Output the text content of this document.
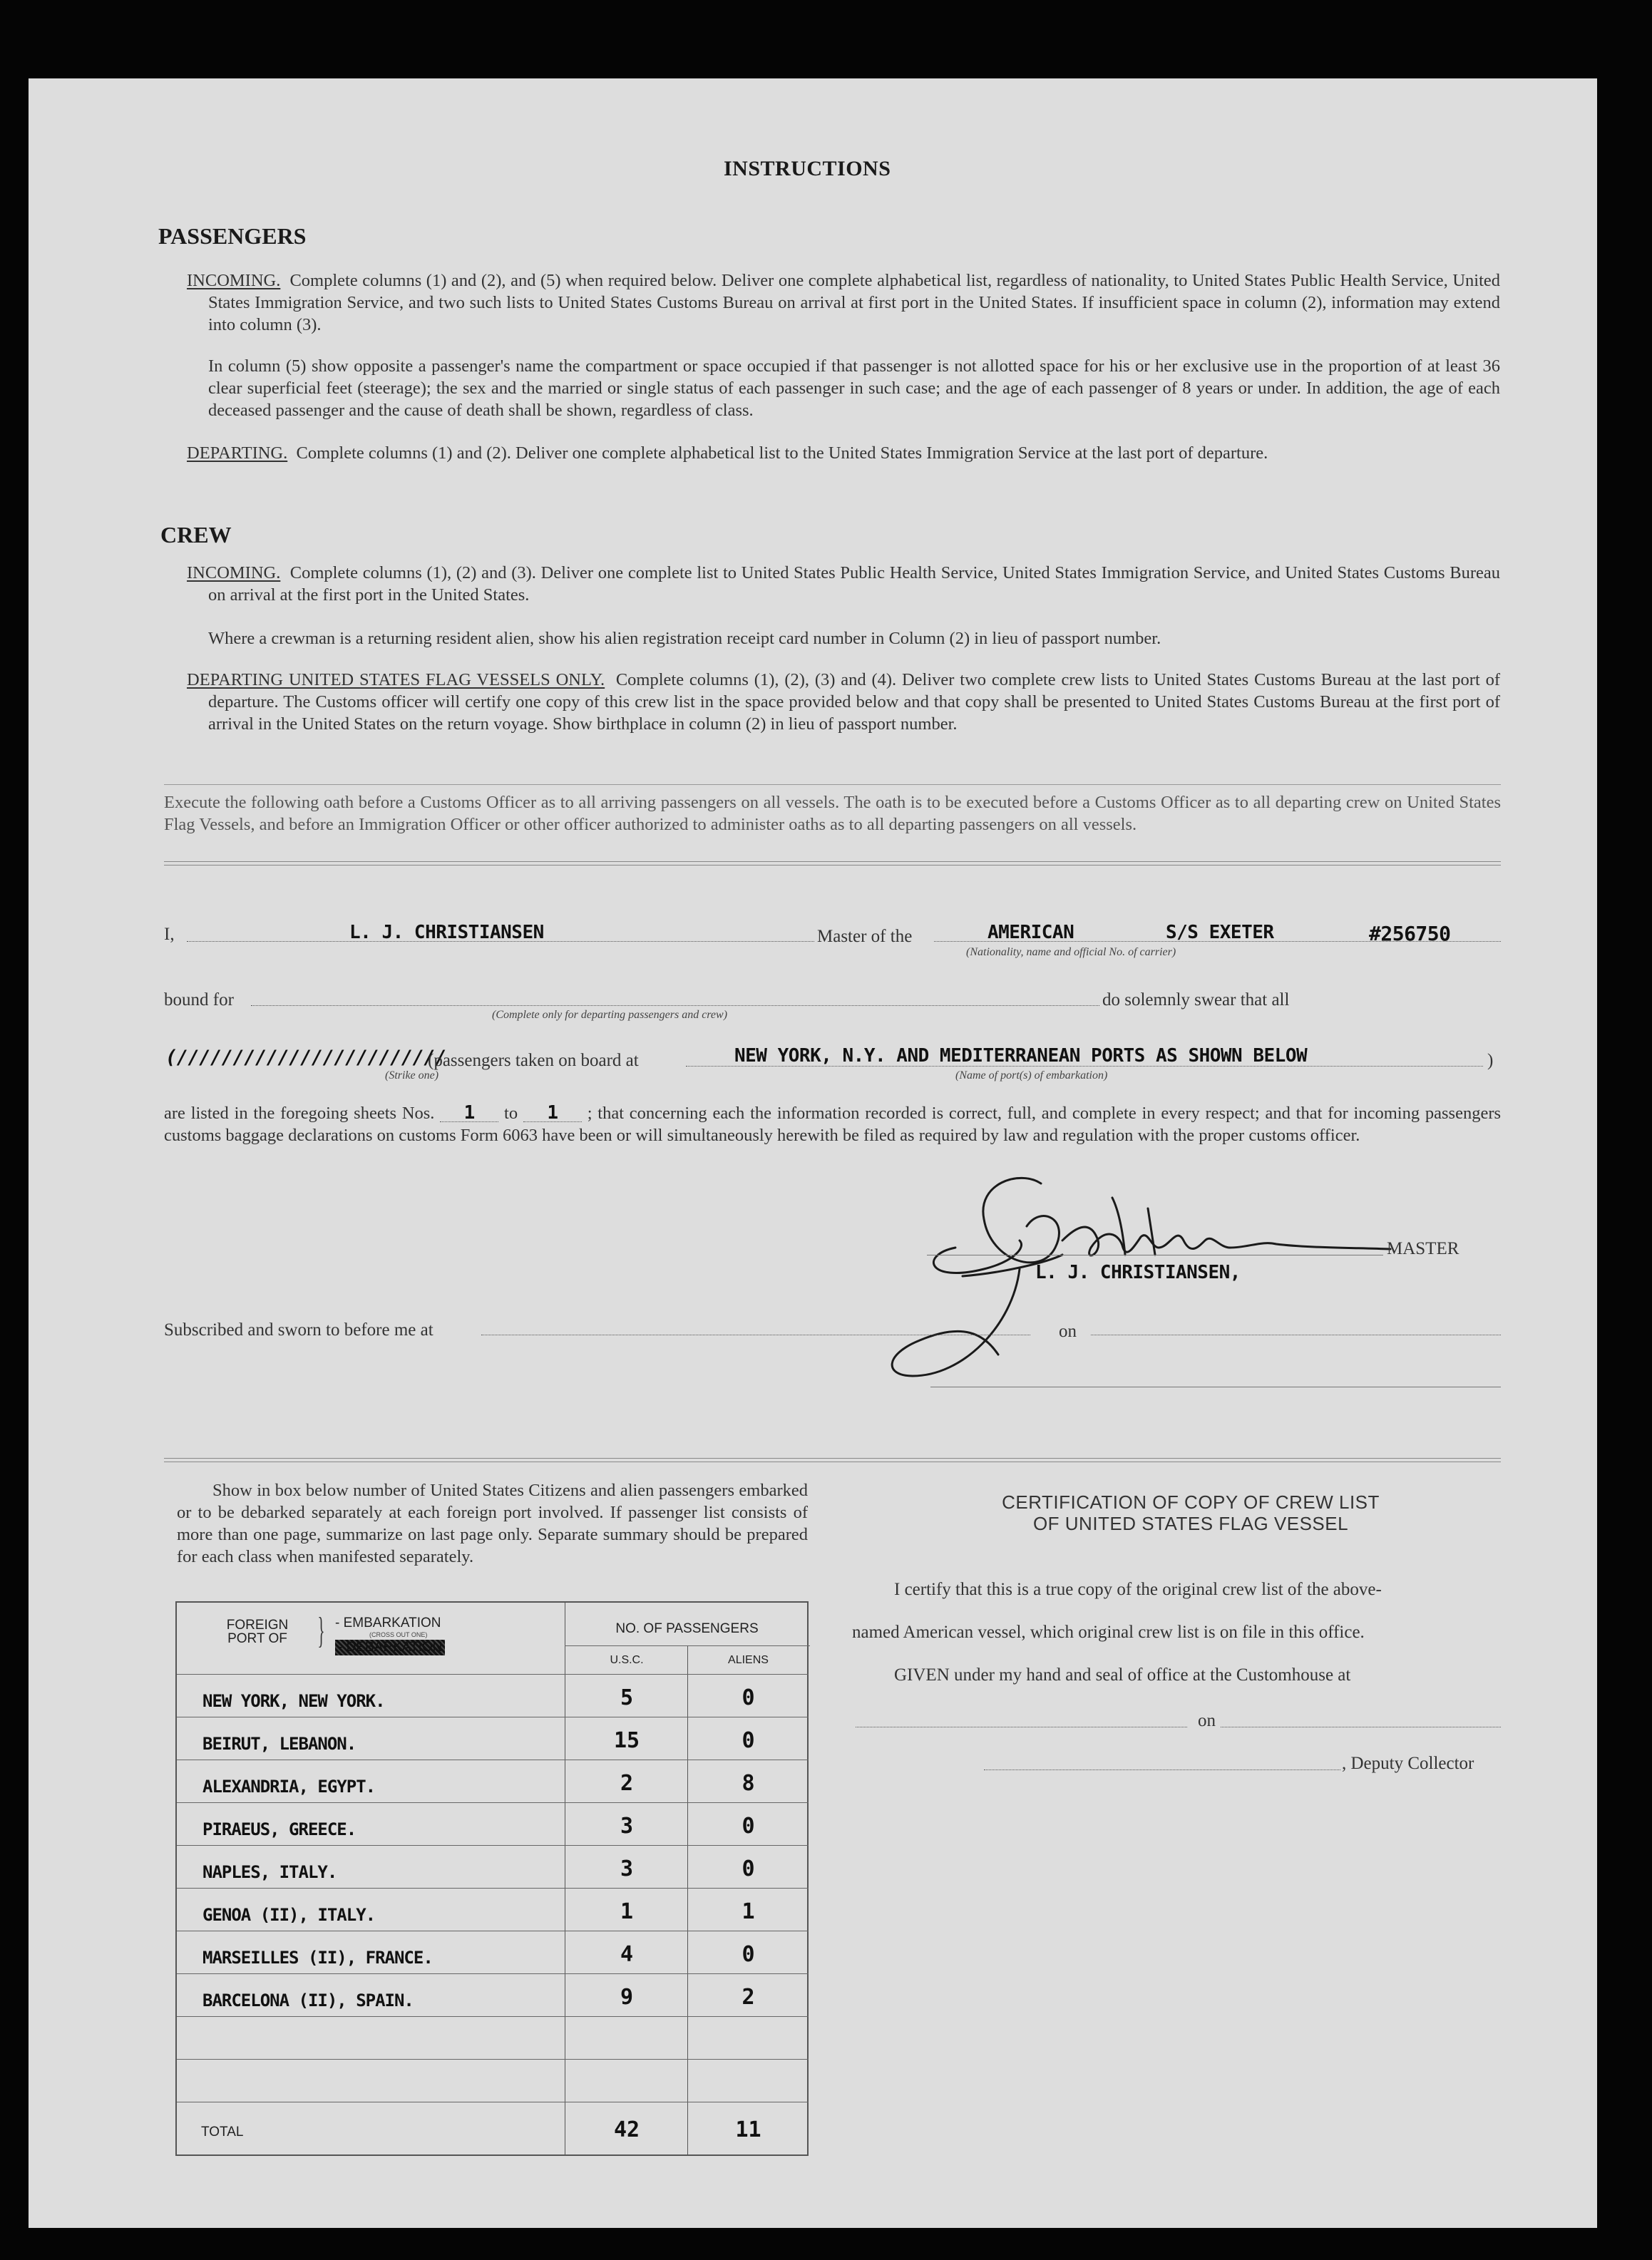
INSTRUCTIONS
PASSENGERS
INCOMING. Complete columns (1) and (2), and (5) when required below. Deliver one complete alphabetical list, regardless of nationality, to United States Public Health Service, United States Immigration Service, and two such lists to United States Customs Bureau on arrival at first port in the United States. If insufficient space in column (2), information may extend into column (3).
In column (5) show opposite a passenger's name the compartment or space occupied if that passenger is not allotted space for his or her exclusive use in the proportion of at least 36 clear superficial feet (steerage); the sex and the married or single status of each passenger in such case; and the age of each passenger of 8 years or under. In addition, the age of each deceased passenger and the cause of death shall be shown, regardless of class.
DEPARTING. Complete columns (1) and (2). Deliver one complete alphabetical list to the United States Immigration Service at the last port of departure.
CREW
INCOMING. Complete columns (1), (2) and (3). Deliver one complete list to United States Public Health Service, United States Immigration Service, and United States Customs Bureau on arrival at the first port in the United States.
Where a crewman is a returning resident alien, show his alien registration receipt card number in Column (2) in lieu of passport number.
DEPARTING UNITED STATES FLAG VESSELS ONLY. Complete columns (1), (2), (3) and (4). Deliver two complete crew lists to United States Customs Bureau at the last port of departure. The Customs officer will certify one copy of this crew list in the space provided below and that copy shall be presented to United States Customs Bureau at the first port of arrival in the United States on the return voyage. Show birthplace in column (2) in lieu of passport number.
Execute the following oath before a Customs Officer as to all arriving passengers on all vessels. The oath is to be executed before a Customs Officer as to all departing crew on United States Flag Vessels, and before an Immigration Officer or other officer authorized to administer oaths as to all departing passengers on all vessels.
I,	L. J. CHRISTIANSEN	Master of the	AMERICAN	S/S EXETER	#256750
(Nationality, name and official No. of carrier)
bound for
(Complete only for departing passengers and crew)
do solemnly swear that all
(////////////////////////
(Strike one)
(passengers taken on board at	NEW YORK, N.Y. AND MEDITERRANEAN PORTS AS SHOWN BELOW
(Name of port(s) of embarkation)
)
are listed in the foregoing sheets Nos. 1 to 1 ; that concerning each the information recorded is correct, full, and complete in every respect; and that for incoming passengers customs baggage declarations on customs Form 6063 have been or will simultaneously herewith be filed as required by law and regulation with the proper customs officer.
MASTER
L. J. CHRISTIANSEN,
Subscribed and sworn to before me at	on
Show in box below number of United States Citizens and alien passengers embarked or to be debarked separately at each foreign port involved. If passenger list consists of more than one page, summarize on last page only. Separate summary should be prepared for each class when manifested separately.
FOREIGN PORT OF } - EMBARKATION
(CROSS OUT ONE)
- DEBARKATION
NO. OF PASSENGERS
U.S.C.	ALIENS
NEW YORK, NEW YORK.	5	0
BEIRUT, LEBANON.	15	0
ALEXANDRIA, EGYPT.	2	8
PIRAEUS, GREECE.	3	0
NAPLES, ITALY.	3	0
GENOA (II), ITALY.	1	1
MARSEILLES (II), FRANCE.	4	0
BARCELONA (II), SPAIN.	9	2
TOTAL	42	11
CERTIFICATION OF COPY OF CREW LIST
OF UNITED STATES FLAG VESSEL
I certify that this is a true copy of the original crew list of the above-
named American vessel, which original crew list is on file in this office.
GIVEN under my hand and seal of office at the Customhouse at
on
, Deputy Collector
